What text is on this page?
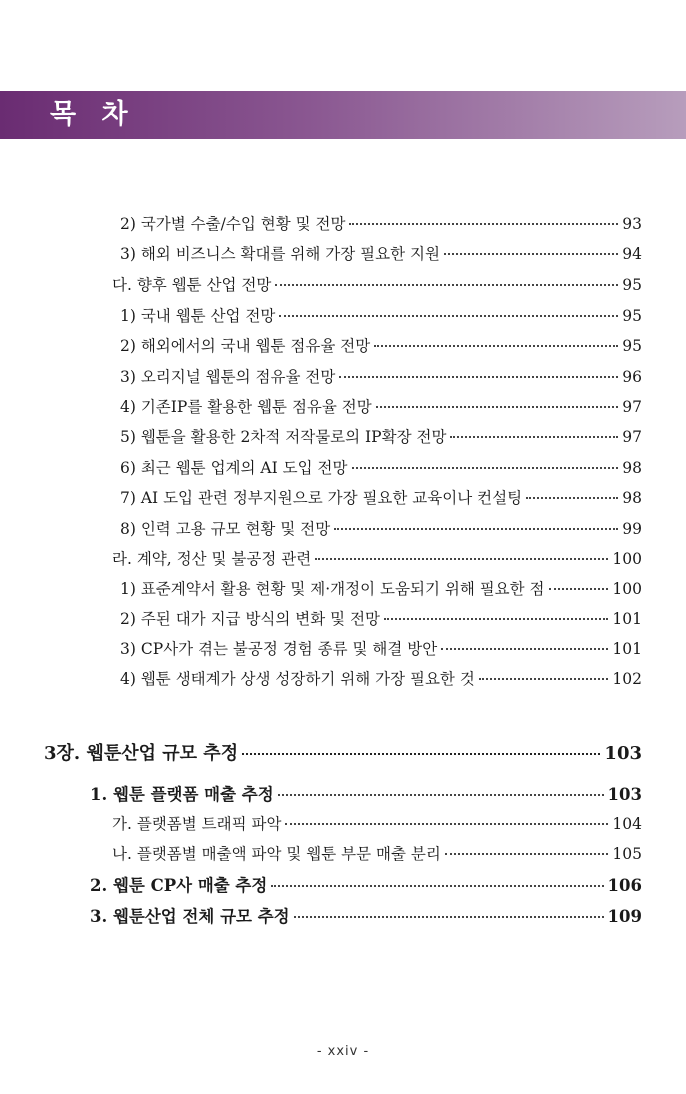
목 차
2) 국가별 수출/수입 현황 및 전망	93
3) 해외 비즈니스 확대를 위해 가장 필요한 지원	94
다. 향후 웹툰 산업 전망	95
1) 국내 웹툰 산업 전망	95
2) 해외에서의 국내 웹툰 점유율 전망	95
3) 오리지널 웹툰의 점유율 전망	96
4) 기존IP를 활용한 웹툰 점유율 전망	97
5) 웹툰을 활용한 2차적 저작물로의 IP확장 전망	97
6) 최근 웹툰 업계의 AI 도입 전망	98
7) AI 도입 관련 정부지원으로 가장 필요한 교육이나 컨설팅	98
8) 인력 고용 규모 현황 및 전망	99
라. 계약, 정산 및 불공정 관련	100
1) 표준계약서 활용 현황 및 제·개정이 도움되기 위해 필요한 점	100
2) 주된 대가 지급 방식의 변화 및 전망	101
3) CP사가 겪는 불공정 경험 종류 및 해결 방안	101
4) 웹툰 생태계가 상생 성장하기 위해 가장 필요한 것	102
3장. 웹툰산업 규모 추정	103
1. 웹툰 플랫폼 매출 추정	103
가. 플랫폼별 트래픽 파악	104
나. 플랫폼별 매출액 파악 및 웹툰 부문 매출 분리	105
2. 웹툰 CP사 매출 추정	106
3. 웹툰산업 전체 규모 추정	109
- xxiv -
